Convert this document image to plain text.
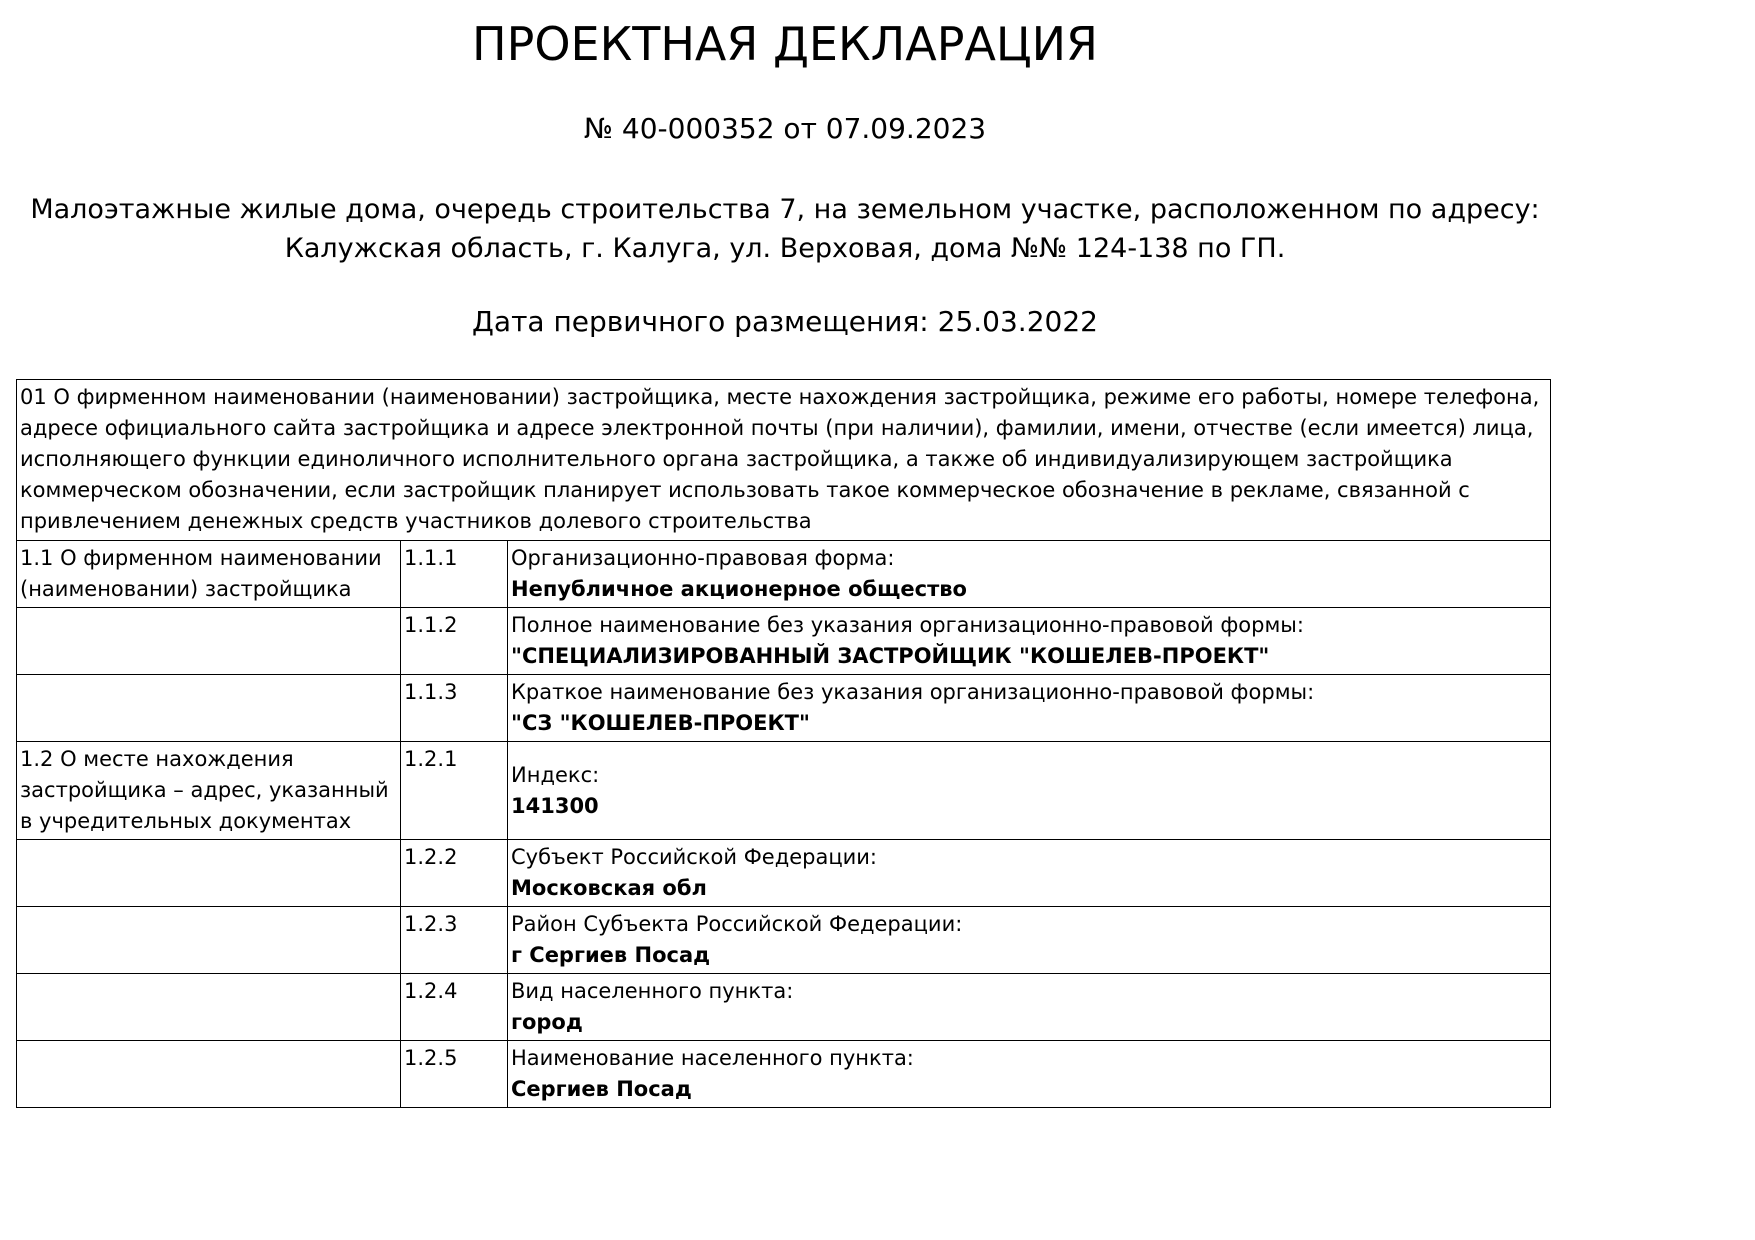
ПРОЕКТНАЯ ДЕКЛАРАЦИЯ
№ 40-000352 от 07.09.2023
Малоэтажные жилые дома, очередь строительства 7, на земельном участке, расположенном по адресу:
Калужская область, г. Калуга, ул. Верховая, дома №№ 124-138 по ГП.
Дата первичного размещения: 25.03.2022
01 О фирменном наименовании (наименовании) застройщика, месте нахождения застройщика, режиме его работы, номере телефона, адресе официального сайта застройщика и адресе электронной почты (при наличии), фамилии, имени, отчестве (если имеется) лица, исполняющего функции единоличного исполнительного органа застройщика, а также об индивидуализирующем застройщика коммерческом обозначении, если застройщик планирует использовать такое коммерческое обозначение в рекламе, связанной с привлечением денежных средств участников долевого строительства		
1.1 О фирменном наименовании (наименовании) застройщика	1.1.1	Организационно-правовая форма:
Непубличное акционерное общество

	1.1.2	Полное наименование без указания организационно-правовой формы:
"СПЕЦИАЛИЗИРОВАННЫЙ ЗАСТРОЙЩИК "КОШЕЛЕВ-ПРОЕКТ"

	1.1.3	Краткое наименование без указания организационно-правовой формы:
"СЗ "КОШЕЛЕВ-ПРОЕКТ"

1.2 О месте нахождения застройщика – адрес, указанный в учредительных документах	1.2.1	Индекс:
141300

	1.2.2	Субъект Российской Федерации:
Московская обл

	1.2.3	Район Субъекта Российской Федерации:
г Сергиев Посад

	1.2.4	Вид населенного пункта:
город

	1.2.5	Наименование населенного пункта:
Сергиев Посад
